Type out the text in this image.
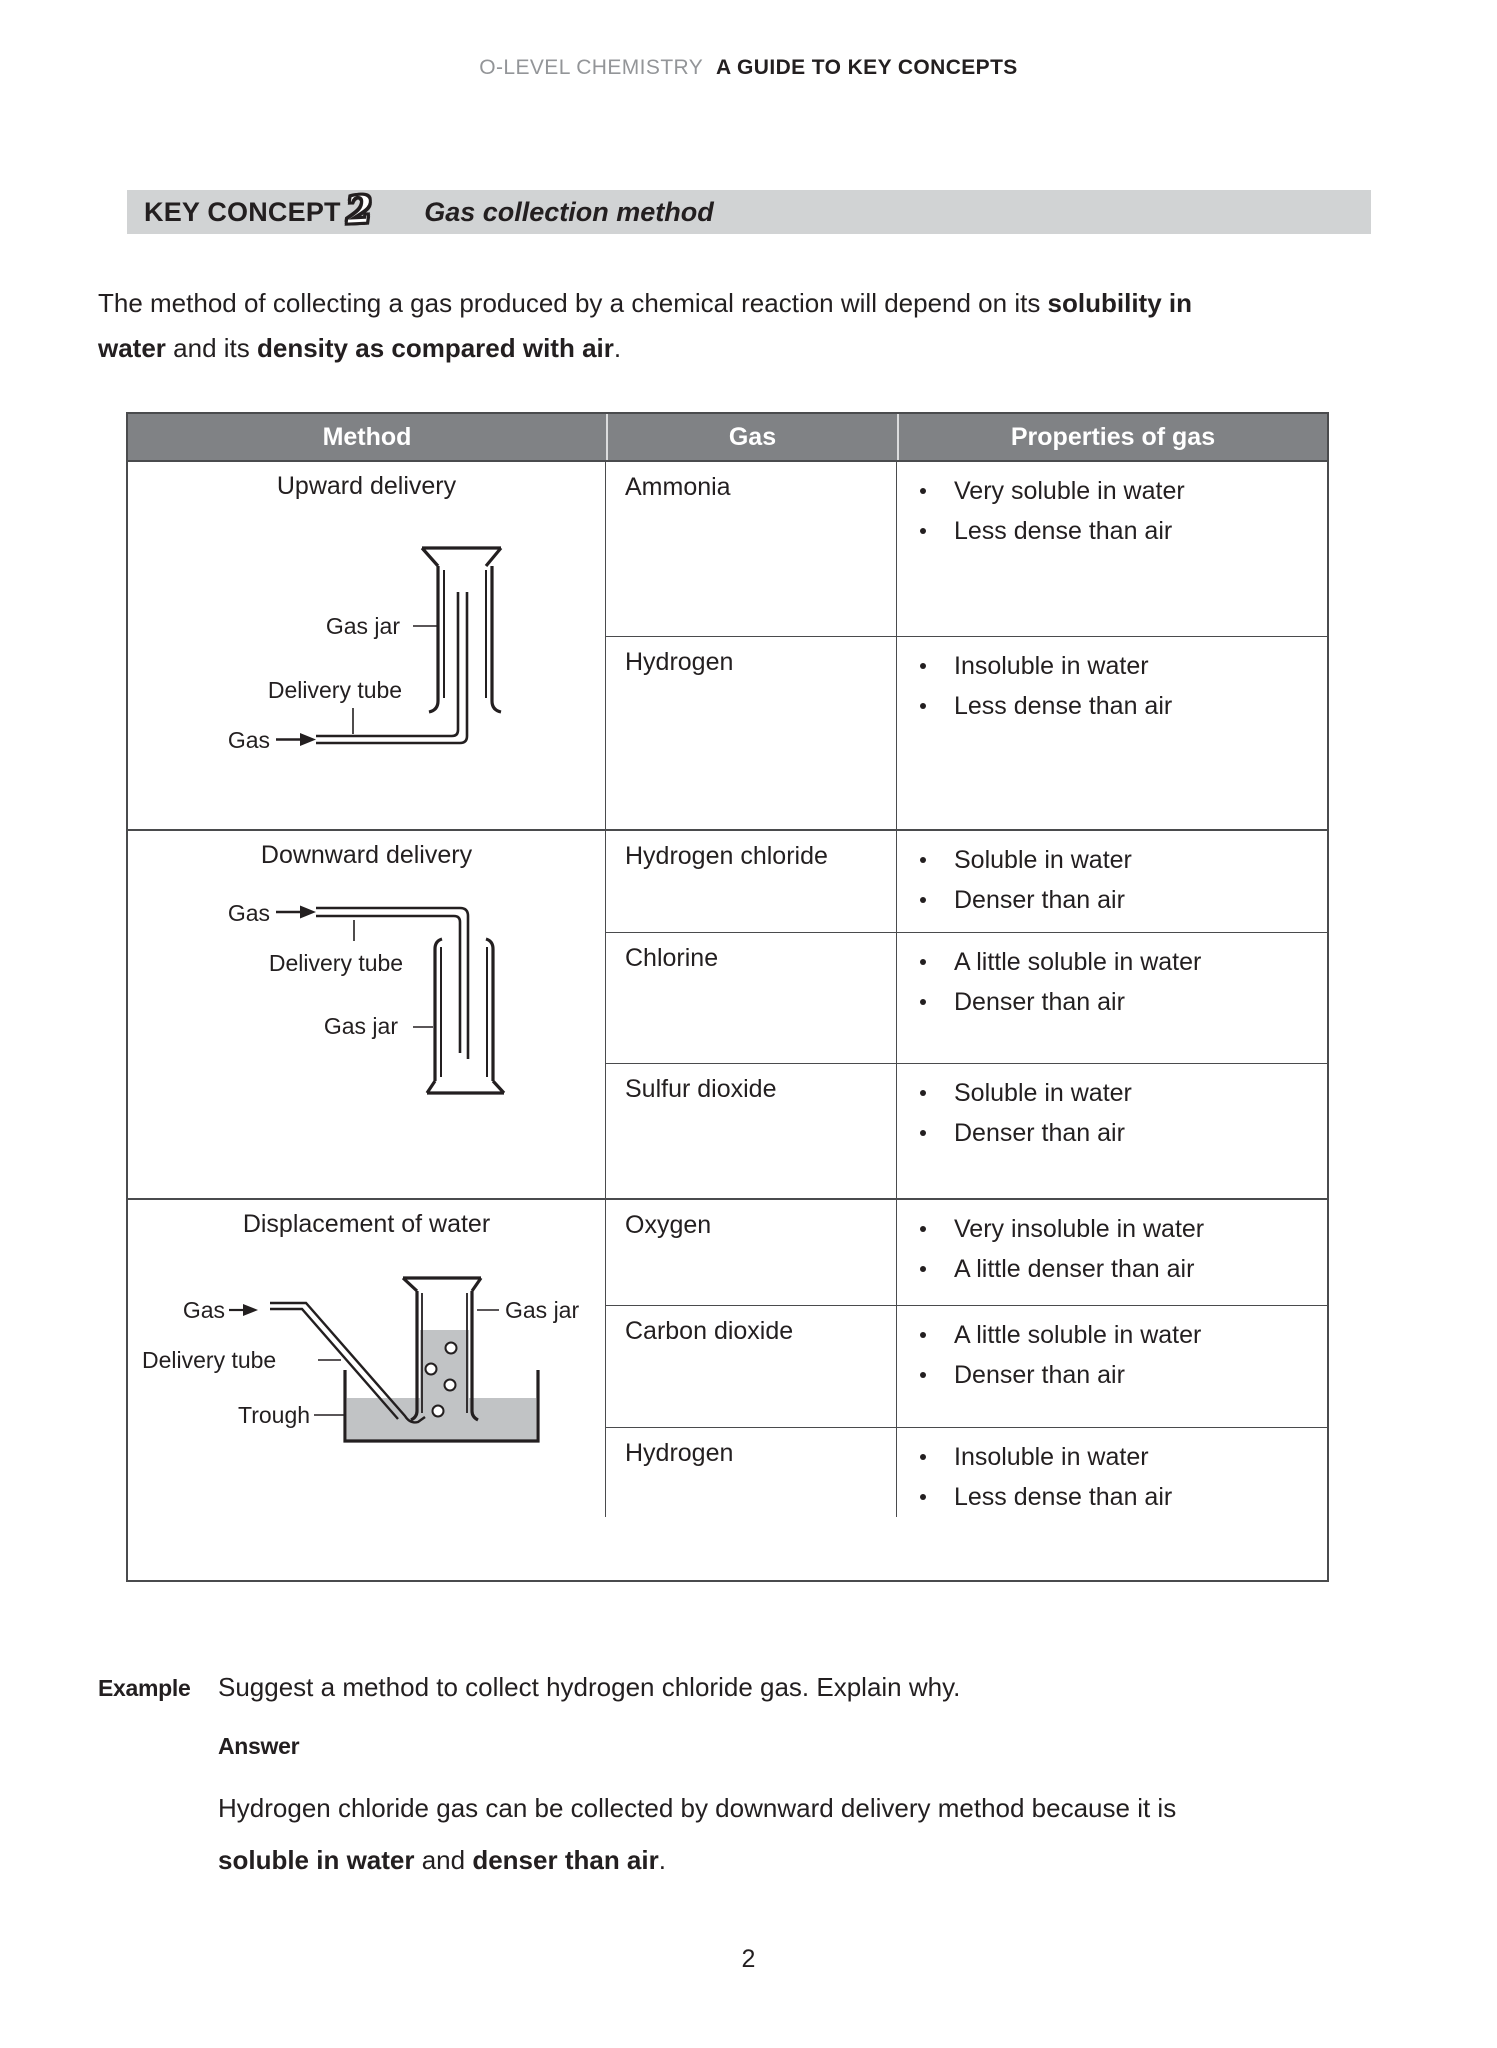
O-LEVEL CHEMISTRY A GUIDE TO KEY CONCEPTS
KEY CONCEPT 2 Gas collection method
The method of collecting a gas produced by a chemical reaction will depend on its solubility in
water and its density as compared with air.
Method	Gas	Properties of gas
Upward delivery
Gas jar
Delivery tube
Gas
Ammonia	Very soluble in water
Less dense than air
Hydrogen	Insoluble in water
Less dense than air
Downward delivery
Gas
Delivery tube
Gas jar
Hydrogen chloride	Soluble in water
Denser than air
Chlorine	A little soluble in water
Denser than air
Sulfur dioxide	Soluble in water
Denser than air
Displacement of water
Gas	Gas jar
Delivery tube
Trough
Oxygen	Very insoluble in water
A little denser than air
Carbon dioxide	A little soluble in water
Denser than air
Hydrogen	Insoluble in water
Less dense than air
Example	Suggest a method to collect hydrogen chloride gas. Explain why.
Answer
Hydrogen chloride gas can be collected by downward delivery method because it is
soluble in water and denser than air.
2
